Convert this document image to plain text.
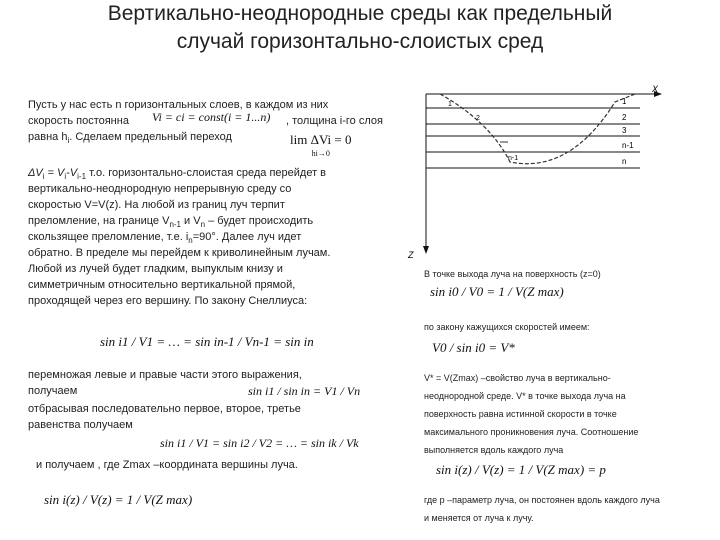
Вертикально-неоднородные среды как предельный
случай горизонтально-слоистых сред
Пусть у нас есть n горизонтальных слоев, в каждом из них
скорость постоянна Vi = ci = const(i = 1...n) , толщина i-го слоя
равна $h_i$. Сделаем предельный переход	lim ΔVi = 0
hi→0
$\Delta V_i = V_i-V_{i-1}$ т.о. горизонтально-слоистая среда перейдет в
вертикально-неоднородную непрерывную среду со
скоростью V=V(z). На любой из границ луч терпит
преломление, на границе $V_{n-1}$ и $V_n$ – будет происходить
скользящее преломление, т.е. $i_n=90^\circ$. Далее луч идет
обратно. В пределе мы перейдем к криволинейным лучам.
Любой из лучей будет гладким, выпуклым книзу и
симметричным относительно вертикальной прямой,
проходящей через его вершину. По закону Снеллиуса:
sin i1 / V1 = … = sin in-1 / Vn-1 = sin in
перемножая левые и правые части этого выражения,
получаем	sin i1 / sin in = V1 / Vn
отбрасывая последовательно первое, второе, третье
равенства получаем
sin i1 / V1 = sin i2 / V2 = … = sin ik / Vk
и получаем , где Zmax –координата вершины луча.
sin i(z) / V(z) = 1 / V(Z max)
X
Z
1
2
3
n-1
n
1
2
n-1
В точке выхода луча на поверхность (z=0)
sin i0 / V0 = 1 / V(Z max)
по закону кажущихся скоростей имеем:
V0 / sin i0 = V*
V* = V(Zmax) –свойство луча в вертикально-
неоднородной среде. V* в точке выхода луча на
поверхность равна истинной скорости в точке
максимального проникновения луча. Соотношение
выполняется вдоль каждого луча
sin i(z) / V(z) = 1 / V(Z max) = p
где p –параметр луча, он постоянен вдоль каждого луча
и меняется от луча к лучу.
